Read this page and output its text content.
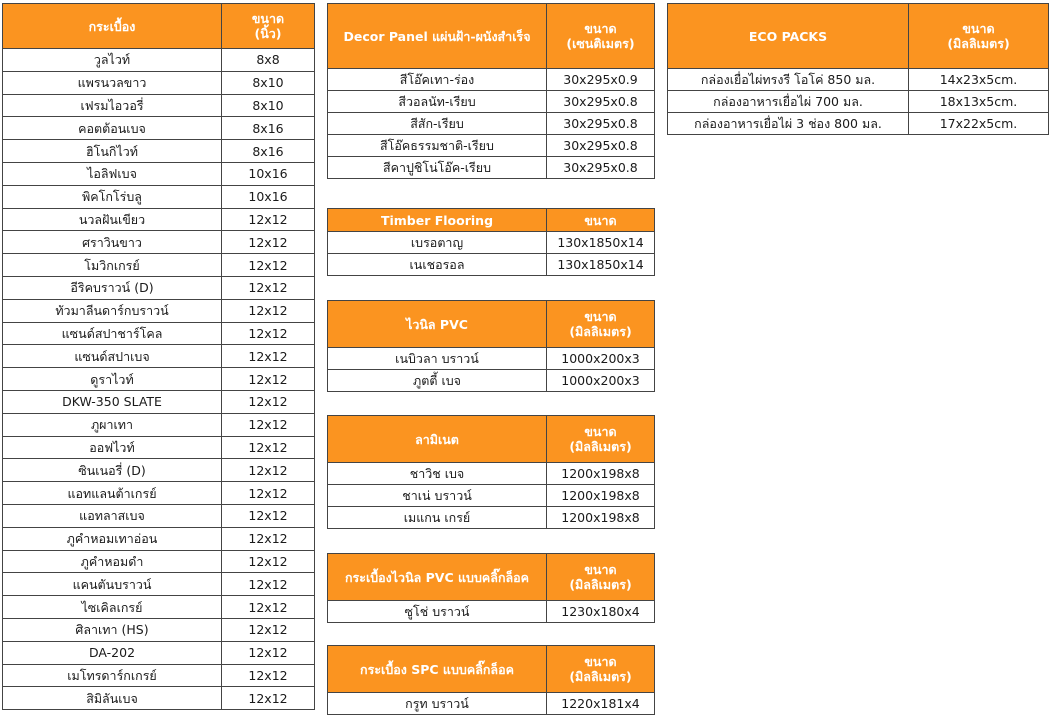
กระเบื้อง	ขนาด
(นิ้ว)
วูลไวท์	8x8
แพรนวลขาว	8x10
เฟรมไอวอรี่	8x10
คอตต้อนเบจ	8x16
ฮิโนกิไวท์	8x16
ไอลิฟเบจ	10x16
พิคโกโร่บลู	10x16
นวลฝันเขียว	12x12
ศราวินขาว	12x12
โมวิกเกรย์	12x12
อีริคบราวน์ (D)	12x12
ทัวมาลีนดาร์กบราวน์	12x12
แซนด์สปาชาร์โคล	12x12
แซนด์สปาเบจ	12x12
ดูราไวท์	12x12
DKW-350 SLATE	12x12
ภูผาเทา	12x12
ออฟไวท์	12x12
ซินเนอรี่ (D)	12x12
แอทแลนต้าเกรย์	12x12
แอทลาสเบจ	12x12
ภูคำหอมเทาอ่อน	12x12
ภูคำหอมดำ	12x12
แคนตันบราวน์	12x12
ไซเคิลเกรย์	12x12
ศิลาเทา (HS)	12x12
DA-202	12x12
เมโทรดาร์กเกรย์	12x12
สิมิลันเบจ	12x12
Decor Panel แผ่นฝ้า-ผนังสำเร็จ	ขนาด
(เซนติเมตร)
สีโอ๊คเทา-ร่อง	30x295x0.9
สีวอลนัท-เรียบ	30x295x0.8
สีสัก-เรียบ	30x295x0.8
สีโอ๊คธรรมชาติ-เรียบ	30x295x0.8
สีคาปูชิโน่โอ๊ค-เรียบ	30x295x0.8
Timber Flooring	ขนาด
เบรอตาญ	130x1850x14
เนเชอรอล	130x1850x14
ไวนิล PVC	ขนาด
(มิลลิเมตร)
เนบิวลา บราวน์	1000x200x3
ภูตตี้ เบจ	1000x200x3
ลามิเนต	ขนาด
(มิลลิเมตร)
ชาวิช เบจ	1200x198x8
ชาเน่ บราวน์	1200x198x8
เมแกน เกรย์	1200x198x8
กระเบื้องไวนิล PVC แบบคลิ๊กล็อค	ขนาด
(มิลลิเมตร)
ซูโช่ บราวน์	1230x180x4
กระเบื้อง SPC แบบคลิ๊กล็อค	ขนาด
(มิลลิเมตร)
กรูท บราวน์	1220x181x4
ECO PACKS	ขนาด
(มิลลิเมตร)
กล่องเยื่อไผ่ทรงรี โอโค่ 850 มล.	14x23x5cm.
กล่องอาหารเยื่อไผ่ 700 มล.	18x13x5cm.
กล่องอาหารเยื่อไผ่ 3 ช่อง 800 มล.	17x22x5cm.
